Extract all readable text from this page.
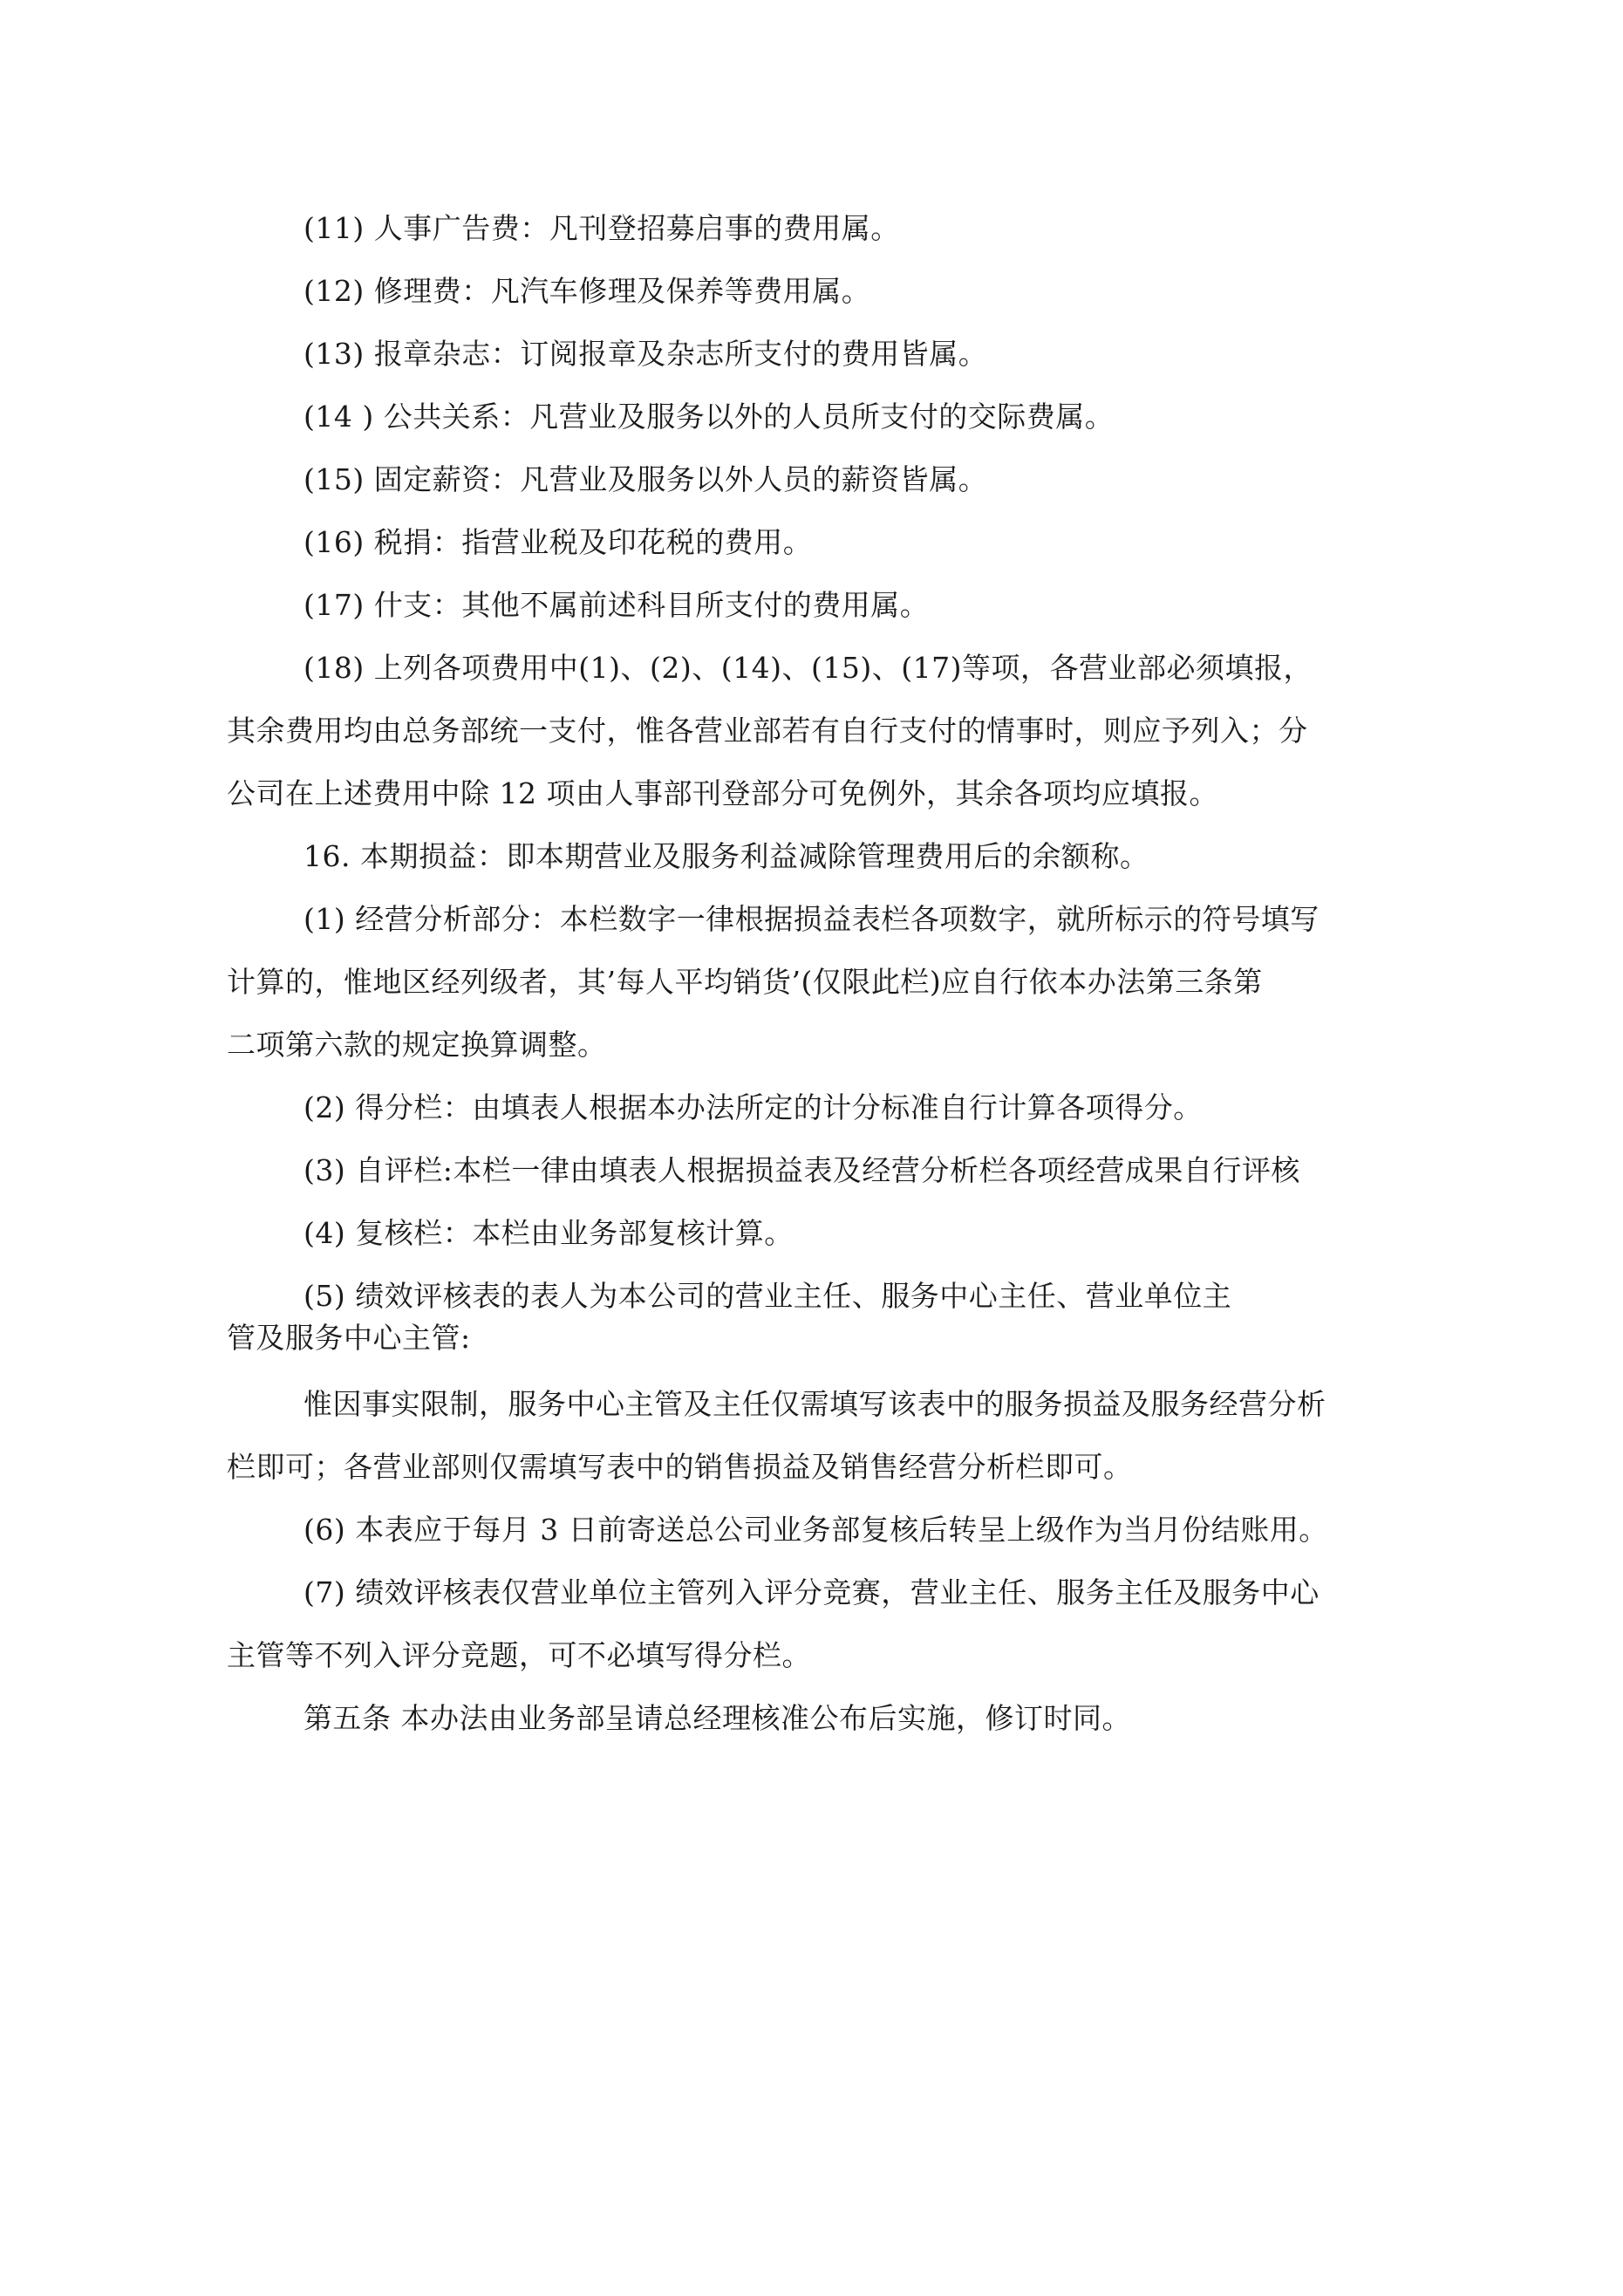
(11) 人事广告费：凡刊登招募启事的费用属。

(12) 修理费：凡汽车修理及保养等费用属。

(13) 报章杂志：订阅报章及杂志所支付的费用皆属。

(14 ) 公共关系：凡营业及服务以外的人员所支付的交际费属。

(15) 固定薪资：凡营业及服务以外人员的薪资皆属。

(16) 税捐：指营业税及印花税的费用。

(17) 什支：其他不属前述科目所支付的费用属。

(18) 上列各项费用中(1)、(2)、(14)、(15)、(17)等项，各营业部必须填报，
其余费用均由总务部统一支付，惟各营业部若有自行支付的情事时，则应予列入；分
公司在上述费用中除 12 项由人事部刊登部分可免例外，其余各项均应填报。

16. 本期损益：即本期营业及服务利益减除管理费用后的余额称。

(1) 经营分析部分：本栏数字一律根据损益表栏各项数字，就所标示的符号填写
计算的，惟地区经列级者，其’每人平均销货’(仅限此栏)应自行依本办法第三条第
二项第六款的规定换算调整。

(2) 得分栏：由填表人根据本办法所定的计分标准自行计算各项得分。

(3) 自评栏:本栏一律由填表人根据损益表及经营分析栏各项经营成果自行评核

(4) 复核栏：本栏由业务部复核计算。

(5) 绩效评核表的表人为本公司的营业主任、服务中心主任、营业单位主
管及服务中心主管:
惟因事实限制，服务中心主管及主任仅需填写该表中的服务损益及服务经营分析
栏即可；各营业部则仅需填写表中的销售损益及销售经营分析栏即可。

(6) 本表应于每月 3 日前寄送总公司业务部复核后转呈上级作为当月份结账用。

(7) 绩效评核表仅营业单位主管列入评分竞赛，营业主任、服务主任及服务中心
主管等不列入评分竞题，可不必填写得分栏。

第五条 本办法由业务部呈请总经理核准公布后实施，修订时同。
